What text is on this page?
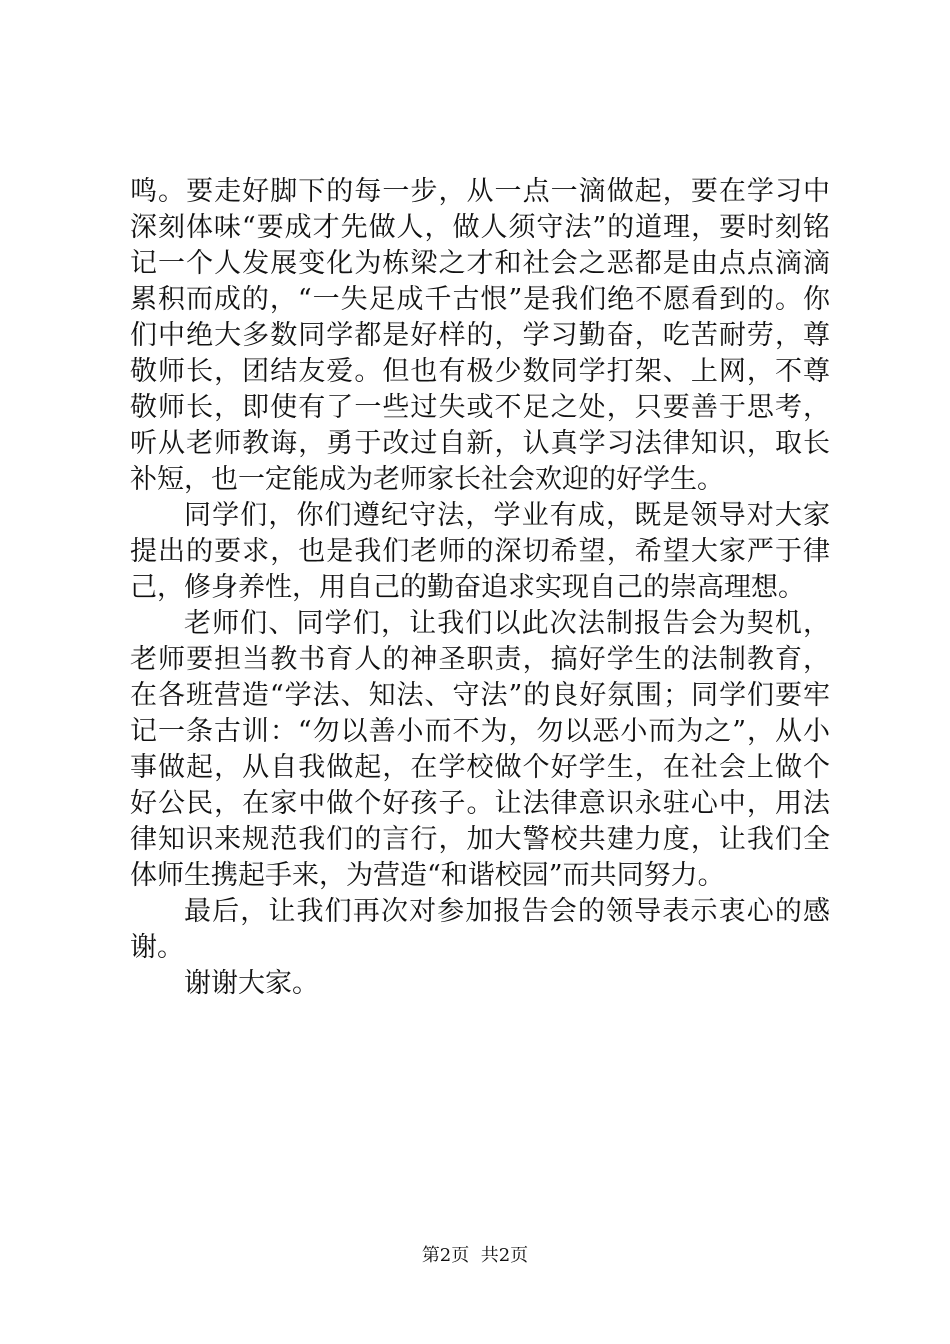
鸣。要走好脚下的每一步，从一点一滴做起，要在学习中深刻体味“要成才先做人，做人须守法”的道理，要时刻铭记一个人发展变化为栋梁之才和社会之恶都是由点点滴滴累积而成的，“一失足成千古恨”是我们绝不愿看到的。你们中绝大多数同学都是好样的，学习勤奋，吃苦耐劳，尊敬师长，团结友爱。但也有极少数同学打架、上网，不尊敬师长，即使有了一些过失或不足之处，只要善于思考，听从老师教诲，勇于改过自新，认真学习法律知识，取长补短，也一定能成为老师家长社会欢迎的好学生。

同学们，你们遵纪守法，学业有成，既是领导对大家提出的要求，也是我们老师的深切希望，希望大家严于律己，修身养性，用自己的勤奋追求实现自己的崇高理想。

老师们、同学们，让我们以此次法制报告会为契机，老师要担当教书育人的神圣职责，搞好学生的法制教育，在各班营造“学法、知法、守法”的良好氛围；同学们要牢记一条古训：“勿以善小而不为，勿以恶小而为之”，从小事做起，从自我做起，在学校做个好学生，在社会上做个好公民，在家中做个好孩子。让法律意识永驻心中，用法律知识来规范我们的言行，加大警校共建力度，让我们全体师生携起手来，为营造“和谐校园”而共同努力。

最后，让我们再次对参加报告会的领导表示衷心的感谢。

谢谢大家。

第2页  共2页
